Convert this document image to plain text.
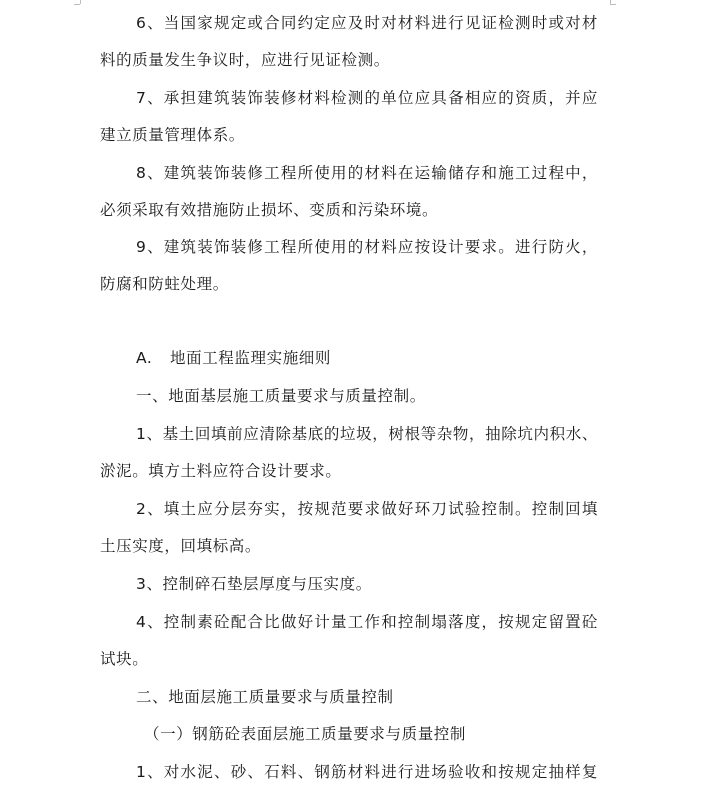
6、当国家规定或合同约定应及时对材料进行见证检测时或对材
料的质量发生争议时，应进行见证检测。
7、承担建筑装饰装修材料检测的单位应具备相应的资质，并应
建立质量管理体系。
8、建筑装饰装修工程所使用的材料在运输储存和施工过程中，
必须采取有效措施防止损坏、变质和污染环境。
9、建筑装饰装修工程所使用的材料应按设计要求。进行防火，
防腐和防蛀处理。
A. 地面工程监理实施细则
一、地面基层施工质量要求与质量控制。
1、基土回填前应清除基底的垃圾，树根等杂物，抽除坑内积水、
淤泥。填方土料应符合设计要求。
2、填土应分层夯实，按规范要求做好环刀试验控制。控制回填
土压实度，回填标高。
3、控制碎石垫层厚度与压实度。
4、控制素砼配合比做好计量工作和控制塌落度，按规定留置砼
试块。
二、地面层施工质量要求与质量控制
（一）钢筋砼表面层施工质量要求与质量控制
1、对水泥、砂、石料、钢筋材料进行进场验收和按规定抽样复
